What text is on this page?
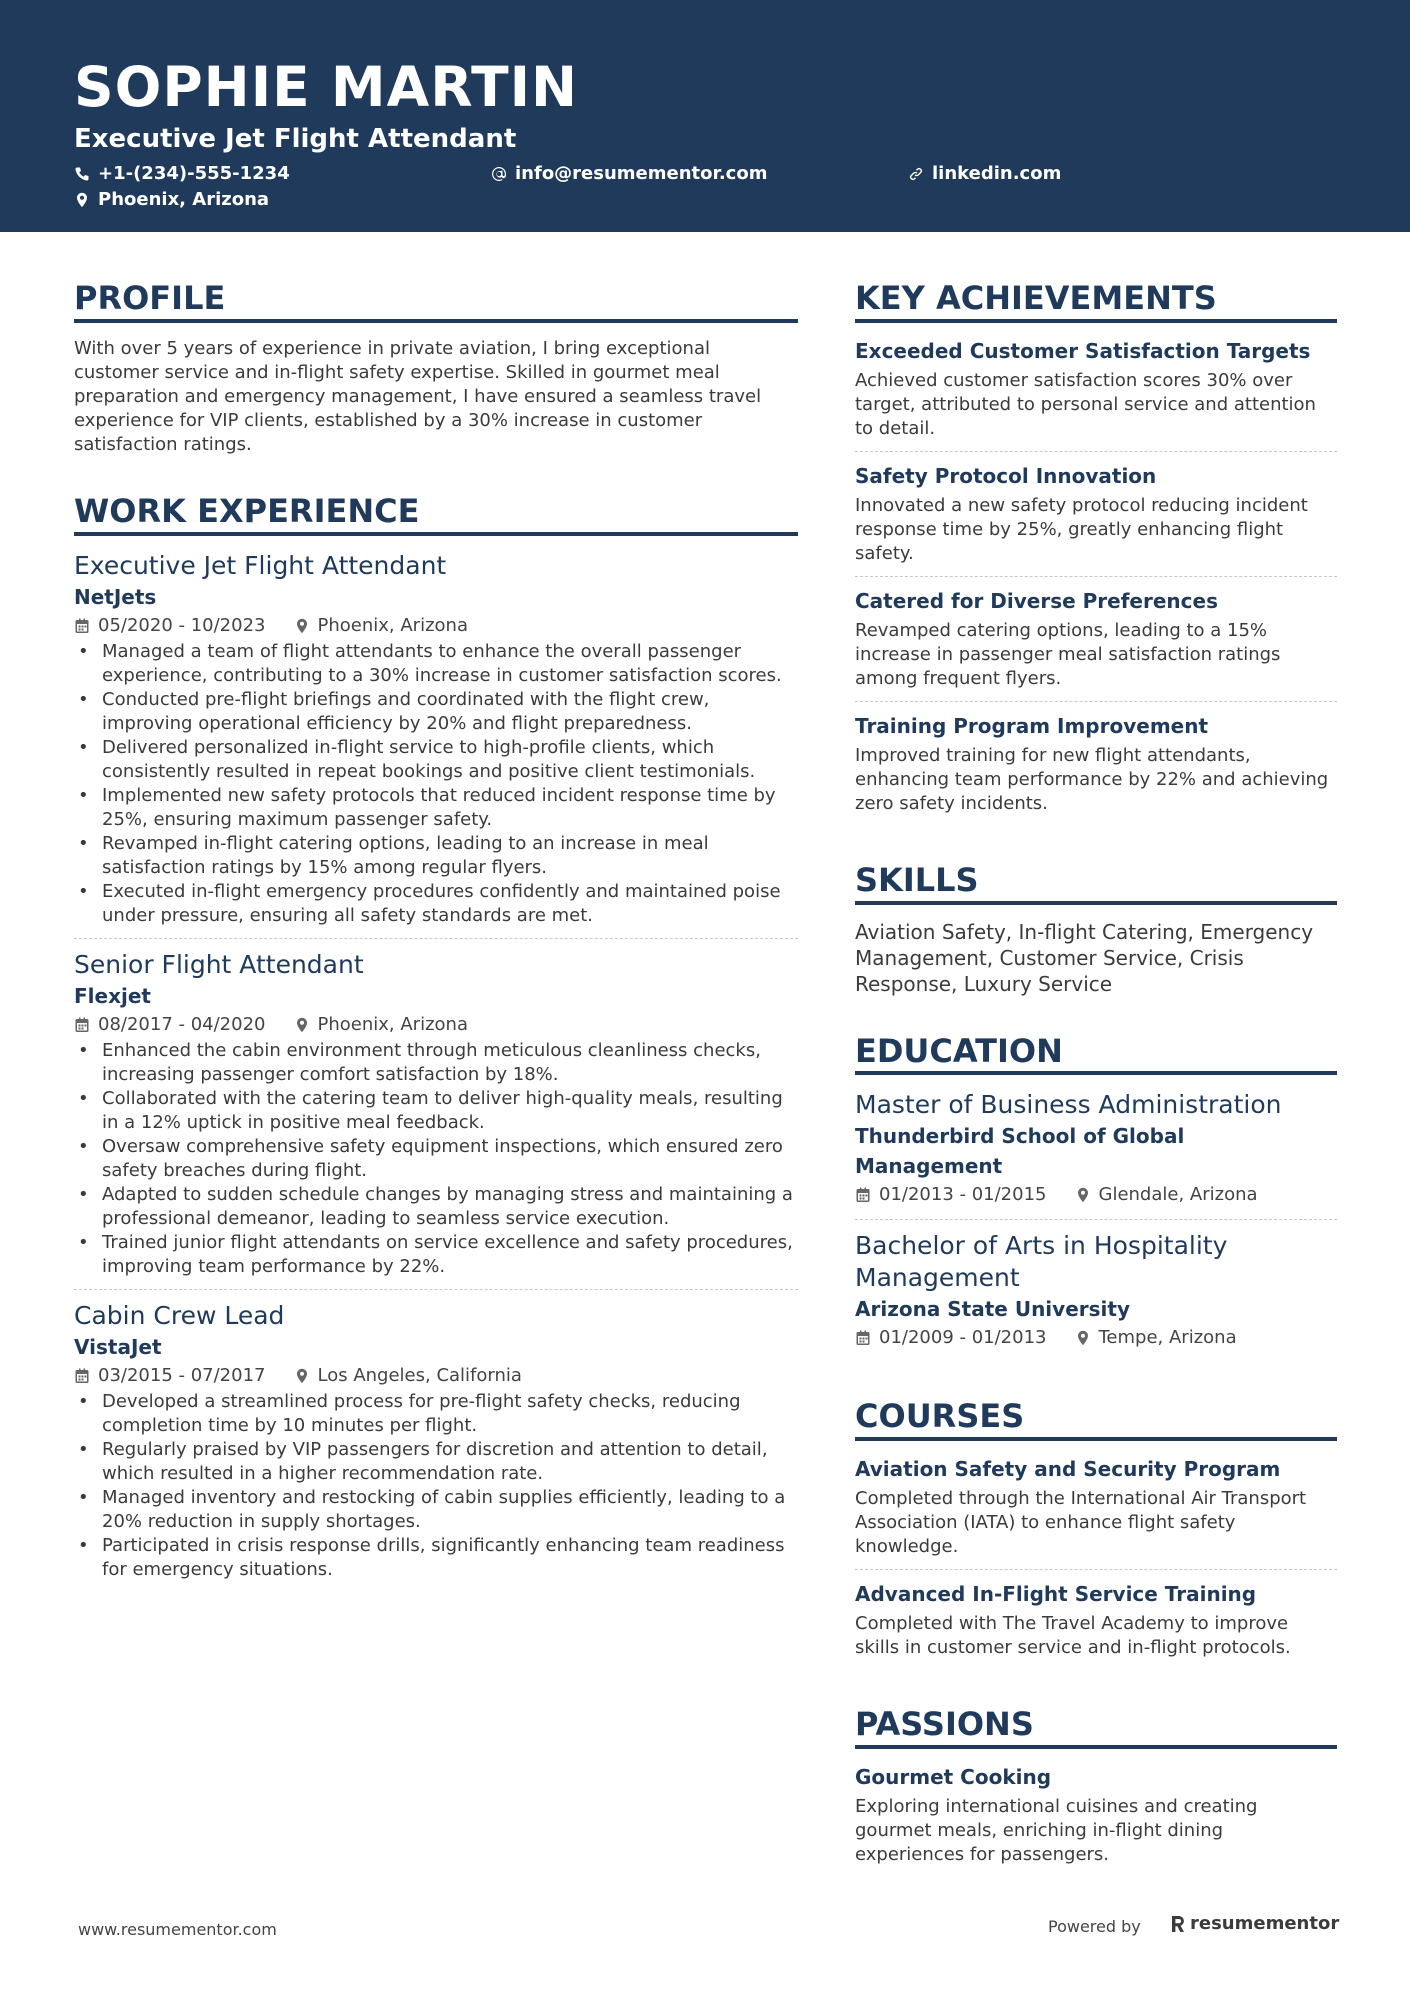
SOPHIE MARTIN
Executive Jet Flight Attendant
+1-(234)-555-1234	info@resumementor.com	linkedin.com
Phoenix, Arizona
PROFILE
With over 5 years of experience in private aviation, I bring exceptional customer service and in-flight safety expertise. Skilled in gourmet meal preparation and emergency management, I have ensured a seamless travel experience for VIP clients, established by a 30% increase in customer satisfaction ratings.
WORK EXPERIENCE
Executive Jet Flight Attendant
NetJets
05/2020 - 10/2023	Phoenix, Arizona
• Managed a team of flight attendants to enhance the overall passenger experience, contributing to a 30% increase in customer satisfaction scores.
• Conducted pre-flight briefings and coordinated with the flight crew, improving operational efficiency by 20% and flight preparedness.
• Delivered personalized in-flight service to high-profile clients, which consistently resulted in repeat bookings and positive client testimonials.
• Implemented new safety protocols that reduced incident response time by 25%, ensuring maximum passenger safety.
• Revamped in-flight catering options, leading to an increase in meal satisfaction ratings by 15% among regular flyers.
• Executed in-flight emergency procedures confidently and maintained poise under pressure, ensuring all safety standards are met.
Senior Flight Attendant
Flexjet
08/2017 - 04/2020	Phoenix, Arizona
• Enhanced the cabin environment through meticulous cleanliness checks, increasing passenger comfort satisfaction by 18%.
• Collaborated with the catering team to deliver high-quality meals, resulting in a 12% uptick in positive meal feedback.
• Oversaw comprehensive safety equipment inspections, which ensured zero safety breaches during flight.
• Adapted to sudden schedule changes by managing stress and maintaining a professional demeanor, leading to seamless service execution.
• Trained junior flight attendants on service excellence and safety procedures, improving team performance by 22%.
Cabin Crew Lead
VistaJet
03/2015 - 07/2017	Los Angeles, California
• Developed a streamlined process for pre-flight safety checks, reducing completion time by 10 minutes per flight.
• Regularly praised by VIP passengers for discretion and attention to detail, which resulted in a higher recommendation rate.
• Managed inventory and restocking of cabin supplies efficiently, leading to a 20% reduction in supply shortages.
• Participated in crisis response drills, significantly enhancing team readiness for emergency situations.
KEY ACHIEVEMENTS
Exceeded Customer Satisfaction Targets
Achieved customer satisfaction scores 30% over target, attributed to personal service and attention to detail.
Safety Protocol Innovation
Innovated a new safety protocol reducing incident response time by 25%, greatly enhancing flight safety.
Catered for Diverse Preferences
Revamped catering options, leading to a 15% increase in passenger meal satisfaction ratings among frequent flyers.
Training Program Improvement
Improved training for new flight attendants, enhancing team performance by 22% and achieving zero safety incidents.
SKILLS
Aviation Safety, In-flight Catering, Emergency Management, Customer Service, Crisis Response, Luxury Service
EDUCATION
Master of Business Administration
Thunderbird School of Global Management
01/2013 - 01/2015	Glendale, Arizona
Bachelor of Arts in Hospitality Management
Arizona State University
01/2009 - 01/2013	Tempe, Arizona
COURSES
Aviation Safety and Security Program
Completed through the International Air Transport Association (IATA) to enhance flight safety knowledge.
Advanced In-Flight Service Training
Completed with The Travel Academy to improve skills in customer service and in-flight protocols.
PASSIONS
Gourmet Cooking
Exploring international cuisines and creating gourmet meals, enriching in-flight dining experiences for passengers.
www.resumementor.com	Powered by	resumementor
